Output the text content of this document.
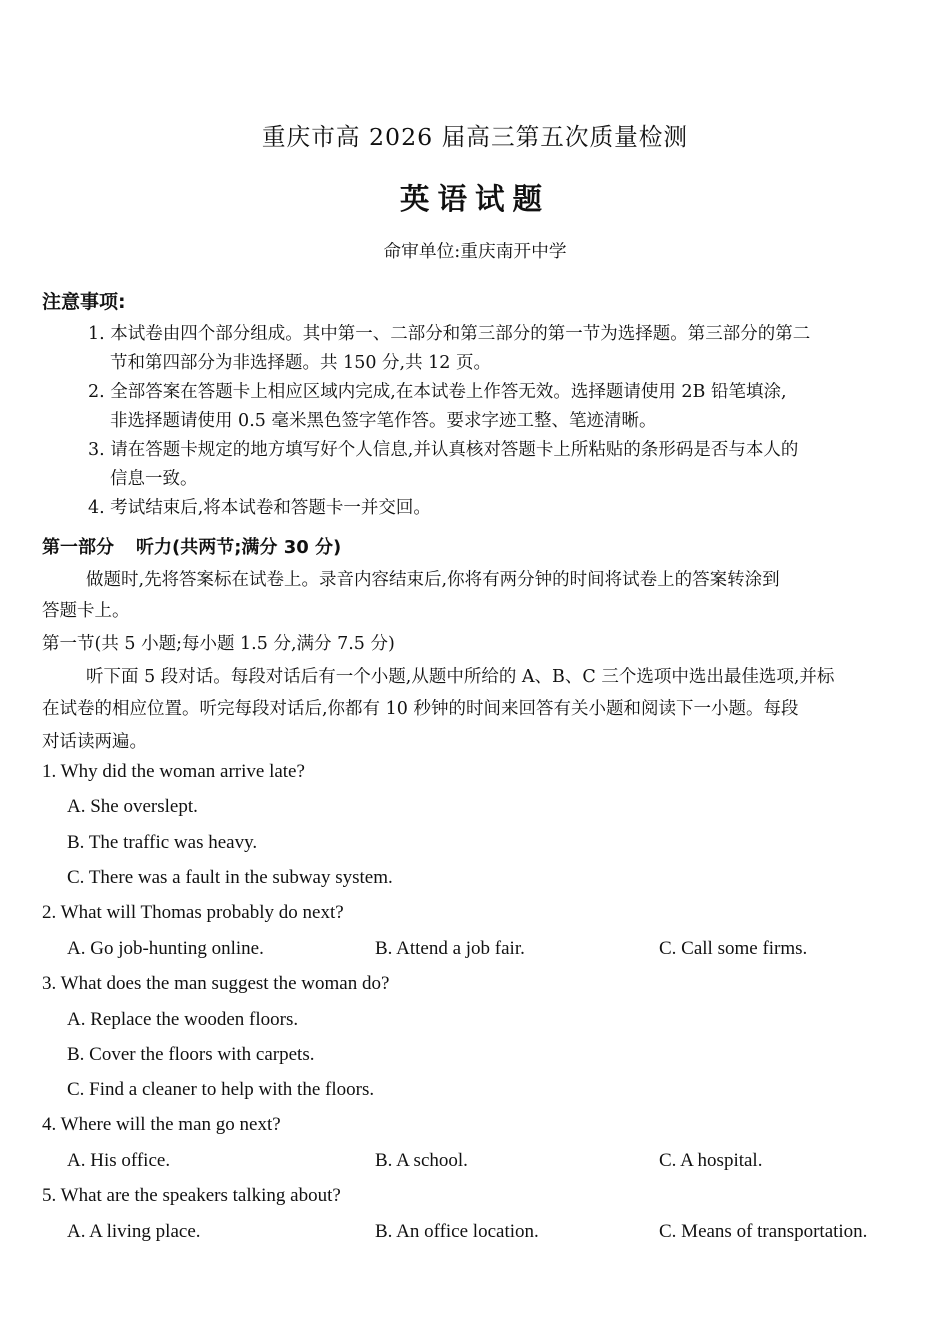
重庆市高 2026 届高三第五次质量检测
英语试题
命审单位:重庆南开中学
注意事项:
1. 本试卷由四个部分组成。其中第一、二部分和第三部分的第一节为选择题。第三部分的第二
节和第四部分为非选择题。共 150 分,共 12 页。
2. 全部答案在答题卡上相应区域内完成,在本试卷上作答无效。选择题请使用 2B 铅笔填涂,
非选择题请使用 0.5 毫米黑色签字笔作答。要求字迹工整、笔迹清晰。
3. 请在答题卡规定的地方填写好个人信息,并认真核对答题卡上所粘贴的条形码是否与本人的
信息一致。
4. 考试结束后,将本试卷和答题卡一并交回。
第一部分 听力(共两节;满分 30 分)
做题时,先将答案标在试卷上。录音内容结束后,你将有两分钟的时间将试卷上的答案转涂到
答题卡上。
第一节(共 5 小题;每小题 1.5 分,满分 7.5 分)
听下面 5 段对话。每段对话后有一个小题,从题中所给的 A、B、C 三个选项中选出最佳选项,并标
在试卷的相应位置。听完每段对话后,你都有 10 秒钟的时间来回答有关小题和阅读下一小题。每段
对话读两遍。
1. Why did the woman arrive late?
A. She overslept.
B. The traffic was heavy.
C. There was a fault in the subway system.
2. What will Thomas probably do next?
A. Go job-hunting online.	B. Attend a job fair.	C. Call some firms.
3. What does the man suggest the woman do?
A. Replace the wooden floors.
B. Cover the floors with carpets.
C. Find a cleaner to help with the floors.
4. Where will the man go next?
A. His office.	B. A school.	C. A hospital.
5. What are the speakers talking about?
A. A living place.	B. An office location.	C. Means of transportation.
